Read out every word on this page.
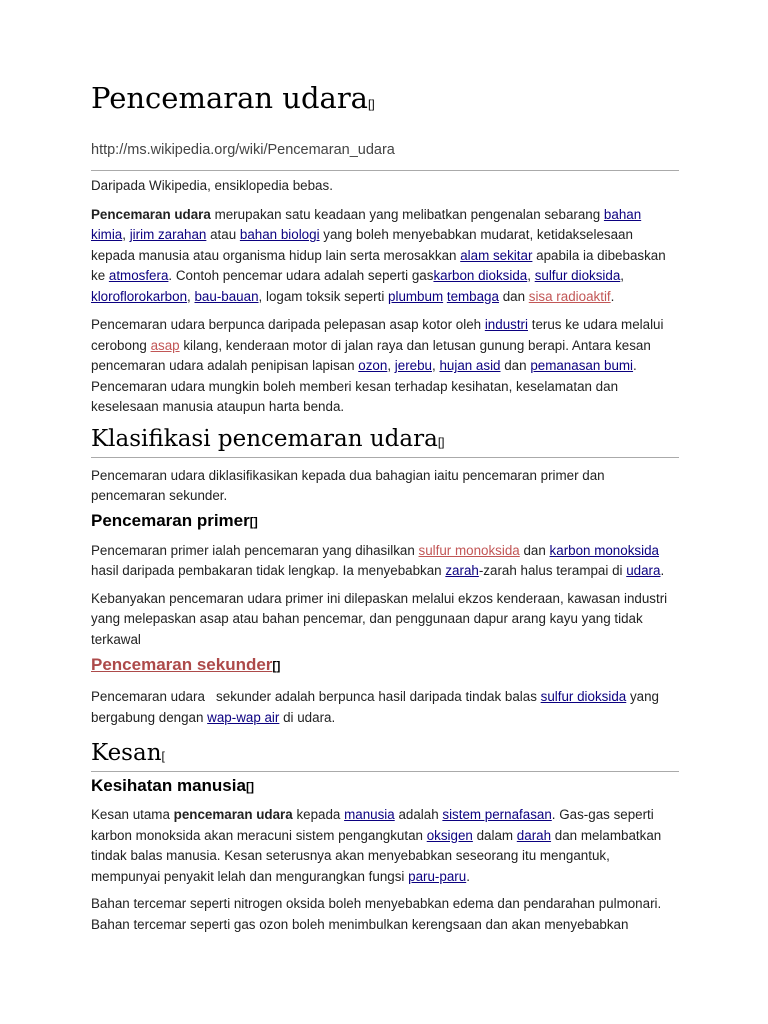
Pencemaran udara[] http://ms.wikipedia.org/wiki/Pencemaran_udara

Daripada Wikipedia, ensiklopedia bebas.

Pencemaran udara merupakan satu keadaan yang melibatkan pengenalan sebarang bahan kimia, jirim zarahan atau bahan biologi yang boleh menyebabkan mudarat, ketidakselesaan kepada manusia atau organisma hidup lain serta merosakkan alam sekitar apabila ia dibebaskan ke atmosfera. Contoh pencemar udara adalah seperti gaskarbon dioksida, sulfur dioksida, kloroflorokarbon, bau-bauan, logam toksik seperti plumbum tembaga dan sisa radioaktif.

Pencemaran udara berpunca daripada pelepasan asap kotor oleh industri terus ke udara melalui cerobong asap kilang, kenderaan motor di jalan raya dan letusan gunung berapi. Antara kesan pencemaran udara adalah penipisan lapisan ozon, jerebu, hujan asid dan pemanasan bumi. Pencemaran udara mungkin boleh memberi kesan terhadap kesihatan, keselamatan dan keselesaan manusia ataupun harta benda.

Klasifikasi pencemaran udara[]

Pencemaran udara diklasifikasikan kepada dua bahagian iaitu pencemaran primer dan pencemaran sekunder.

Pencemaran primer[]

Pencemaran primer ialah pencemaran yang dihasilkan sulfur monoksida dan karbon monoksida hasil daripada pembakaran tidak lengkap. Ia menyebabkan zarah-zarah halus terampai di udara.

Kebanyakan pencemaran udara primer ini dilepaskan melalui ekzos kenderaan, kawasan industri yang melepaskan asap atau bahan pencemar, dan penggunaan dapur arang kayu yang tidak terkawal

Pencemaran sekunder[]

Pencemaran udara   sekunder adalah berpunca hasil daripada tindak balas sulfur dioksida yang bergabung dengan wap-wap air di udara.

Kesan[
Kesihatan manusia[]

Kesan utama pencemaran udara kepada manusia adalah sistem pernafasan. Gas-gas seperti karbon monoksida akan meracuni sistem pengangkutan oksigen dalam darah dan melambatkan tindak balas manusia. Kesan seterusnya akan menyebabkan seseorang itu mengantuk, mempunyai penyakit lelah dan mengurangkan fungsi paru-paru.

Bahan tercemar seperti nitrogen oksida boleh menyebabkan edema dan pendarahan pulmonari. Bahan tercemar seperti gas ozon boleh menimbulkan kerengsaan dan akan menyebabkan
